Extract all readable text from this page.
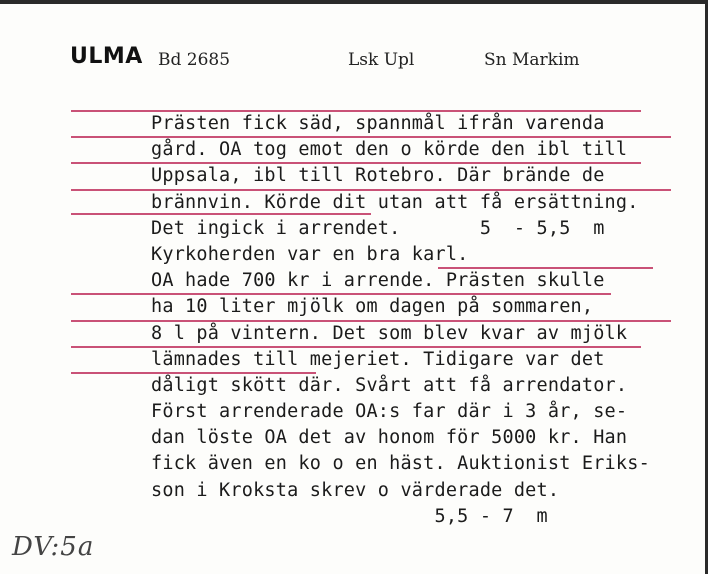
ULMA Bd 2685	Lsk Upl	Sn Markim

Prästen fick säd, spannmål ifrån varenda

gård. OA tog emot den o körde den ibl till

Uppsala, ibl till Rotebro. Där brände de

brännvin. Körde dit utan att få ersättning.

Det ingick i arrendet.       5  - 5,5  m

Kyrkoherden var en bra karl.

OA hade 700 kr i arrende. Prästen skulle

ha 10 liter mjölk om dagen på sommaren,

8 l på vintern. Det som blev kvar av mjölk

lämnades till mejeriet. Tidigare var det

dåligt skött där. Svårt att få arrendator.

Först arrenderade OA:s far där i 3 år, se-

dan löste OA det av honom för 5000 kr. Han

fick även en ko o en häst. Auktionist Eriks-

son i Kroksta skrev o värderade det.

5,5 - 7  m

DV:5a
